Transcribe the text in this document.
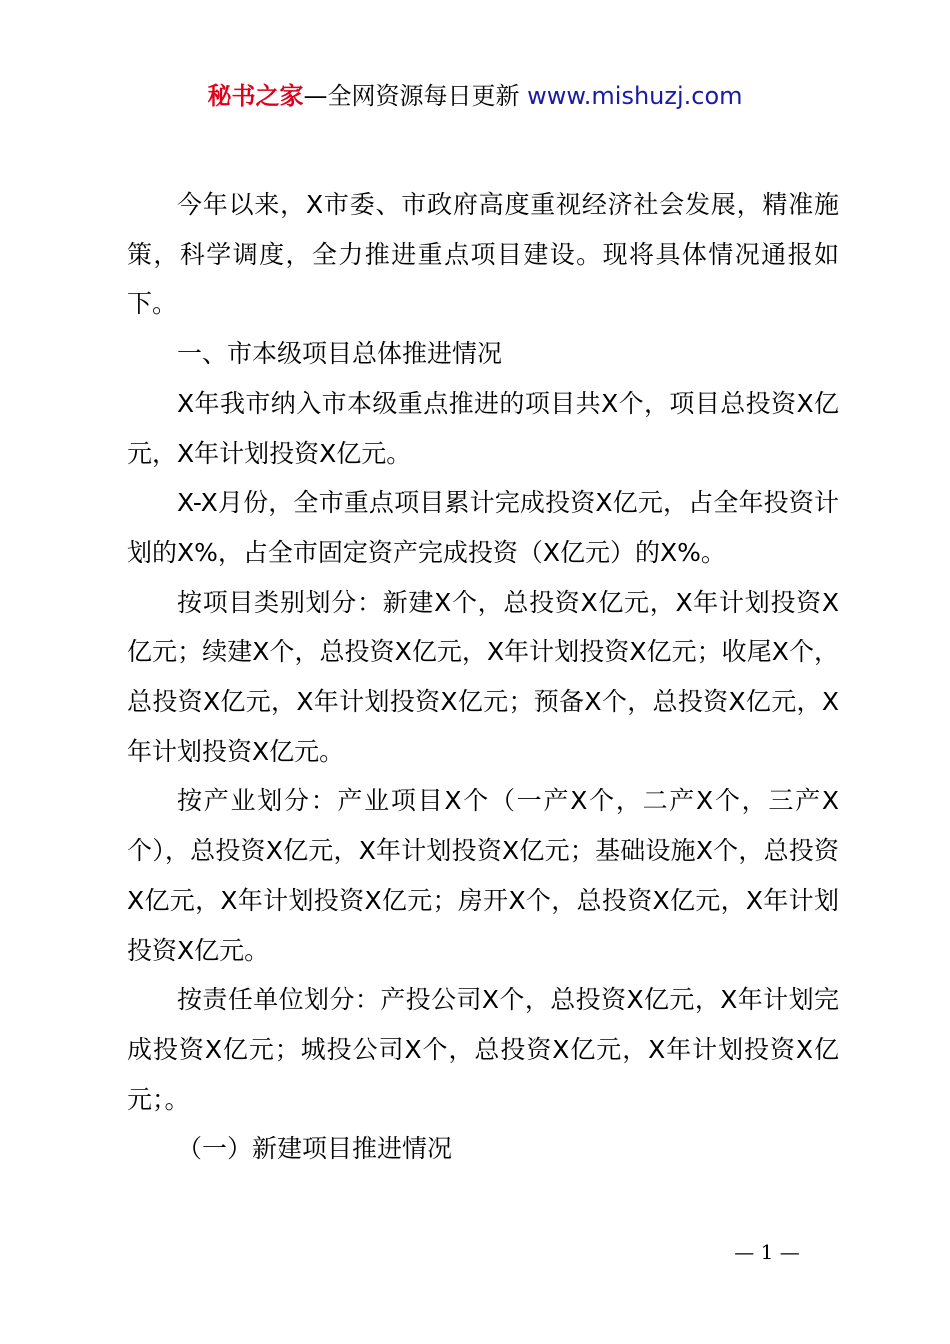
秘书之家—全网资源每日更新 www.mishuzj.com

今年以来，X市委、市政府高度重视经济社会发展，精准施策，科学调度，全力推进重点项目建设。现将具体情况通报如下。

一、市本级项目总体推进情况

X年我市纳入市本级重点推进的项目共X个，项目总投资X亿元，X年计划投资X亿元。

X-X月份，全市重点项目累计完成投资X亿元，占全年投资计划的X%，占全市固定资产完成投资（X亿元）的X%。

按项目类别划分：新建X个，总投资X亿元，X年计划投资X亿元；续建X个，总投资X亿元，X年计划投资X亿元；收尾X个，总投资X亿元，X年计划投资X亿元；预备X个，总投资X亿元，X年计划投资X亿元。

按产业划分：产业项目X个（一产X个，二产X个，三产X个），总投资X亿元，X年计划投资X亿元；基础设施X个，总投资X亿元，X年计划投资X亿元；房开X个，总投资X亿元，X年计划投资X亿元。

按责任单位划分：产投公司X个，总投资X亿元，X年计划完成投资X亿元；城投公司X个，总投资X亿元，X年计划投资X亿元；。

（一）新建项目推进情况

— 1 —
